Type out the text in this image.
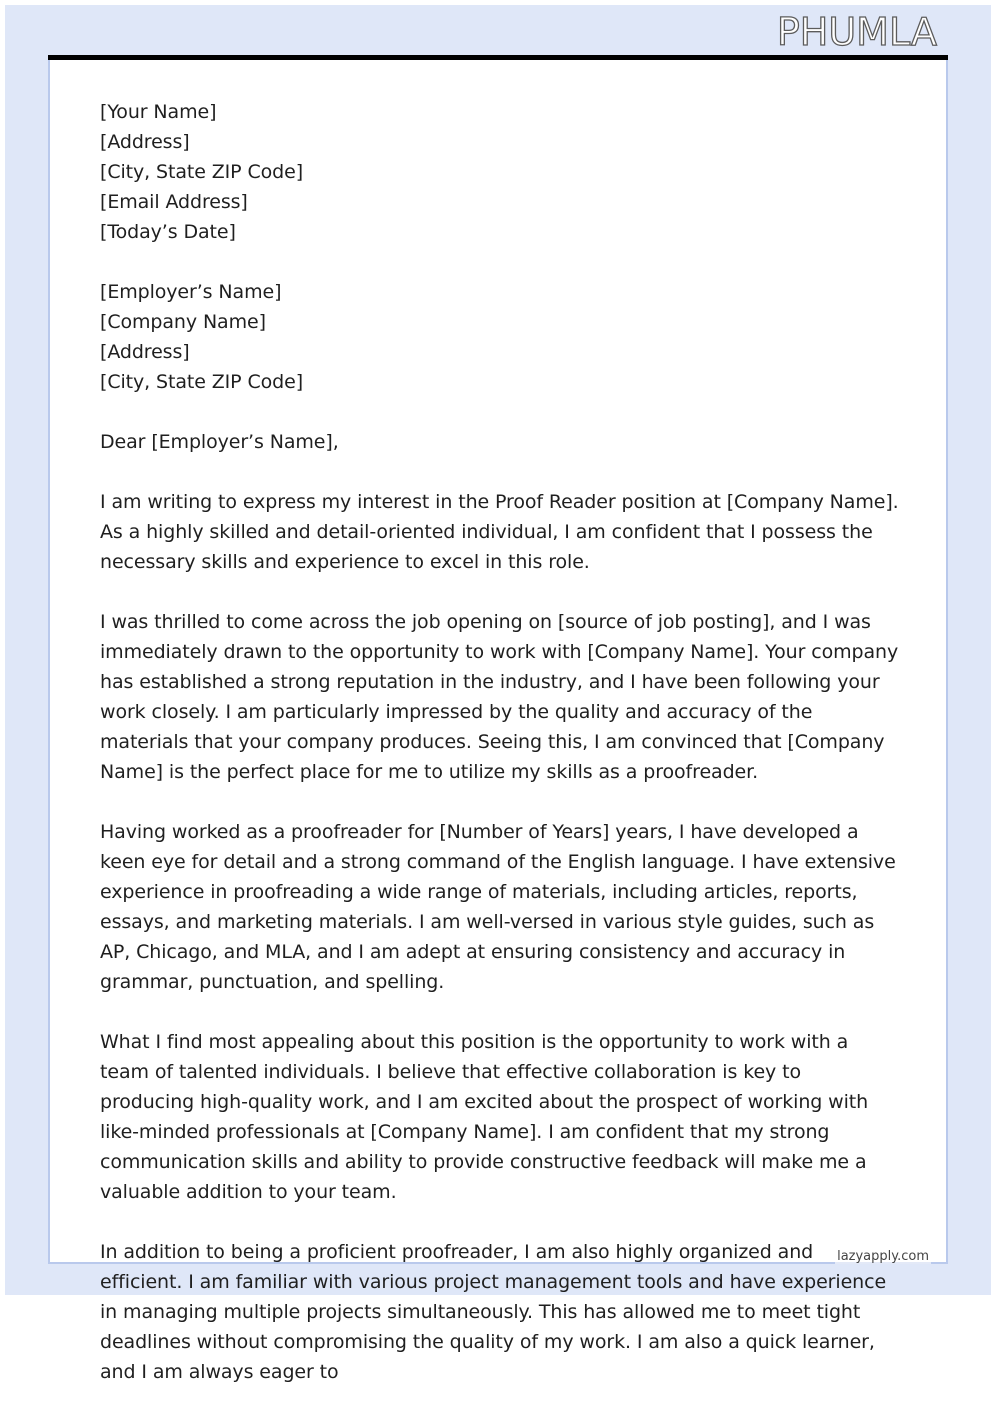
PHUMLA

[Your Name]
[Address]
[City, State ZIP Code]
[Email Address]
[Today’s Date]

[Employer’s Name]
[Company Name]
[Address]
[City, State ZIP Code]

Dear [Employer’s Name],

I am writing to express my interest in the Proof Reader position at [Company Name]. As a highly skilled and detail-oriented individual, I am confident that I possess the necessary skills and experience to excel in this role.

I was thrilled to come across the job opening on [source of job posting], and I was immediately drawn to the opportunity to work with [Company Name]. Your company has established a strong reputation in the industry, and I have been following your work closely. I am particularly impressed by the quality and accuracy of the materials that your company produces. Seeing this, I am convinced that [Company Name] is the perfect place for me to utilize my skills as a proofreader.

Having worked as a proofreader for [Number of Years] years, I have developed a keen eye for detail and a strong command of the English language. I have extensive experience in proofreading a wide range of materials, including articles, reports, essays, and marketing materials. I am well-versed in various style guides, such as AP, Chicago, and MLA, and I am adept at ensuring consistency and accuracy in grammar, punctuation, and spelling.

What I find most appealing about this position is the opportunity to work with a team of talented individuals. I believe that effective collaboration is key to producing high-quality work, and I am excited about the prospect of working with like-minded professionals at [Company Name]. I am confident that my strong communication skills and ability to provide constructive feedback will make me a valuable addition to your team.

In addition to being a proficient proofreader, I am also highly organized and efficient. I am familiar with various project management tools and have experience in managing multiple projects simultaneously. This has allowed me to meet tight deadlines without compromising the quality of my work. I am also a quick learner, and I am always eager to

lazyapply.com
